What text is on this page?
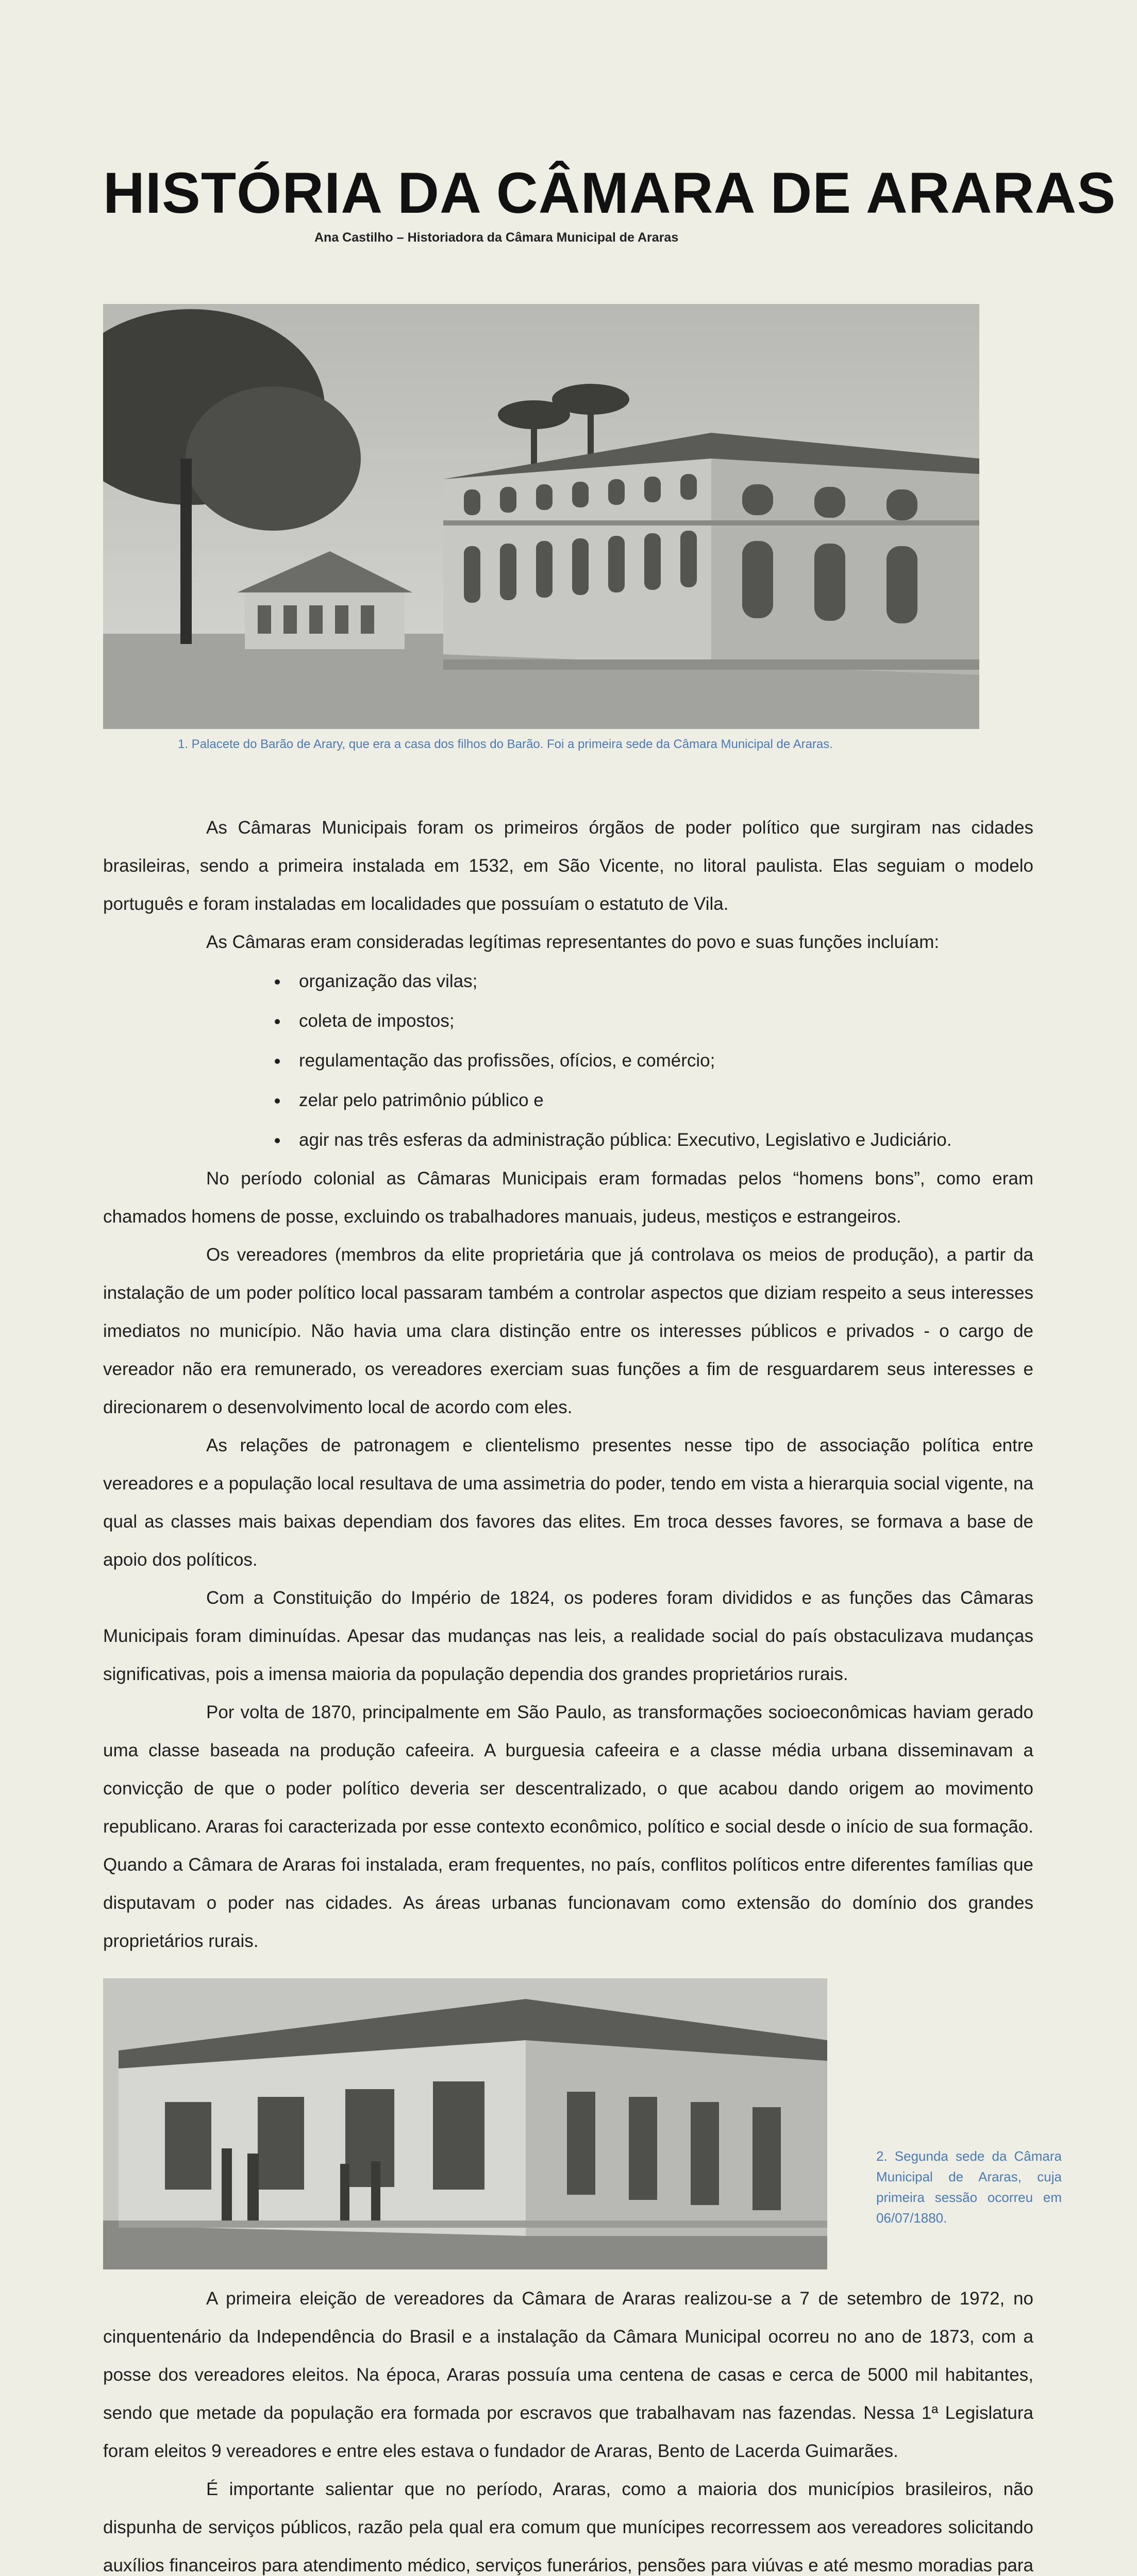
HISTÓRIA DA CÂMARA DE ARARAS
Ana Castilho – Historiadora da Câmara Municipal de Araras
1. Palacete do Barão de Arary, que era a casa dos filhos do Barão. Foi a primeira sede da Câmara Municipal de Araras.

As Câmaras Municipais foram os primeiros órgãos de poder político que surgiram nas cidades brasileiras, sendo a primeira instalada em 1532, em São Vicente, no litoral paulista. Elas seguiam o modelo português e foram instaladas em localidades que possuíam o estatuto de Vila.

As Câmaras eram consideradas legítimas representantes do povo e suas funções incluíam:

• organização das vilas;
• coleta de impostos;
• regulamentação das profissões, ofícios, e comércio;
• zelar pelo patrimônio público e
• agir nas três esferas da administração pública: Executivo, Legislativo e Judiciário.

No período colonial as Câmaras Municipais eram formadas pelos “homens bons”, como eram chamados homens de posse, excluindo os trabalhadores manuais, judeus, mestiços e estrangeiros.

Os vereadores (membros da elite proprietária que já controlava os meios de produção), a partir da instalação de um poder político local passaram também a controlar aspectos que diziam respeito a seus interesses imediatos no município. Não havia uma clara distinção entre os interesses públicos e privados - o cargo de vereador não era remunerado, os vereadores exerciam suas funções a fim de resguardarem seus interesses e direcionarem o desenvolvimento local de acordo com eles.

As relações de patronagem e clientelismo presentes nesse tipo de associação política entre vereadores e a população local resultava de uma assimetria do poder, tendo em vista a hierarquia social vigente, na qual as classes mais baixas dependiam dos favores das elites. Em troca desses favores, se formava a base de apoio dos políticos.

Com a Constituição do Império de 1824, os poderes foram divididos e as funções das Câmaras Municipais foram diminuídas. Apesar das mudanças nas leis, a realidade social do país obstaculizava mudanças significativas, pois a imensa maioria da população dependia dos grandes proprietários rurais.

Por volta de 1870, principalmente em São Paulo, as transformações socioeconômicas haviam gerado uma classe baseada na produção cafeeira. A burguesia cafeeira e a classe média urbana disseminavam a convicção de que o poder político deveria ser descentralizado, o que acabou dando origem ao movimento republicano. Araras foi caracterizada por esse contexto econômico, político e social desde o início de sua formação. Quando a Câmara de Araras foi instalada, eram frequentes, no país, conflitos políticos entre diferentes famílias que disputavam o poder nas cidades. As áreas urbanas funcionavam como extensão do domínio dos grandes proprietários rurais.

2. Segunda sede da Câmara Municipal de Araras, cuja primeira sessão ocorreu em 06/07/1880.

A primeira eleição de vereadores da Câmara de Araras realizou-se a 7 de setembro de 1972, no cinquentenário da Independência do Brasil e a instalação da Câmara Municipal ocorreu no ano de 1873, com a posse dos vereadores eleitos. Na época, Araras possuía uma centena de casas e cerca de 5000 mil habitantes, sendo que metade da população era formada por escravos que trabalhavam nas fazendas. Nessa 1ª Legislatura foram eleitos 9 vereadores e entre eles estava o fundador de Araras, Bento de Lacerda Guimarães.

É importante salientar que no período, Araras, como a maioria dos municípios brasileiros, não dispunha de serviços públicos, razão pela qual era comum que munícipes recorressem aos vereadores solicitando auxílios financeiros para atendimento médico, serviços funerários, pensões para viúvas e até mesmo moradias para
